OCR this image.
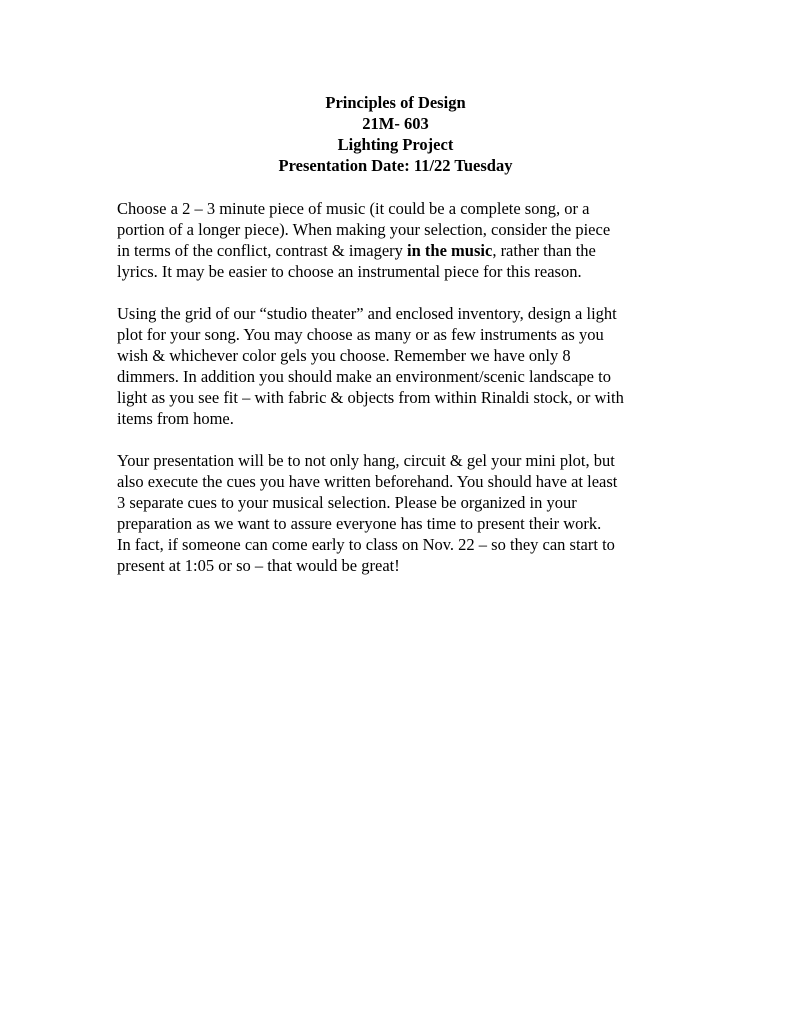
Principles of Design
21M- 603
Lighting Project
Presentation Date: 11/22 Tuesday
Choose a 2 – 3 minute piece of music (it could be a complete song, or a
portion of a longer piece). When making your selection, consider the piece
in terms of the conflict, contrast & imagery in the music, rather than the
lyrics. It may be easier to choose an instrumental piece for this reason.
Using the grid of our “studio theater” and enclosed inventory, design a light
plot for your song. You may choose as many or as few instruments as you
wish & whichever color gels you choose. Remember we have only 8
dimmers. In addition you should make an environment/scenic landscape to
light as you see fit – with fabric & objects from within Rinaldi stock, or with
items from home.
Your presentation will be to not only hang, circuit & gel your mini plot, but
also execute the cues you have written beforehand. You should have at least
3 separate cues to your musical selection. Please be organized in your
preparation as we want to assure everyone has time to present their work.
In fact, if someone can come early to class on Nov. 22 – so they can start to
present at 1:05 or so – that would be great!
